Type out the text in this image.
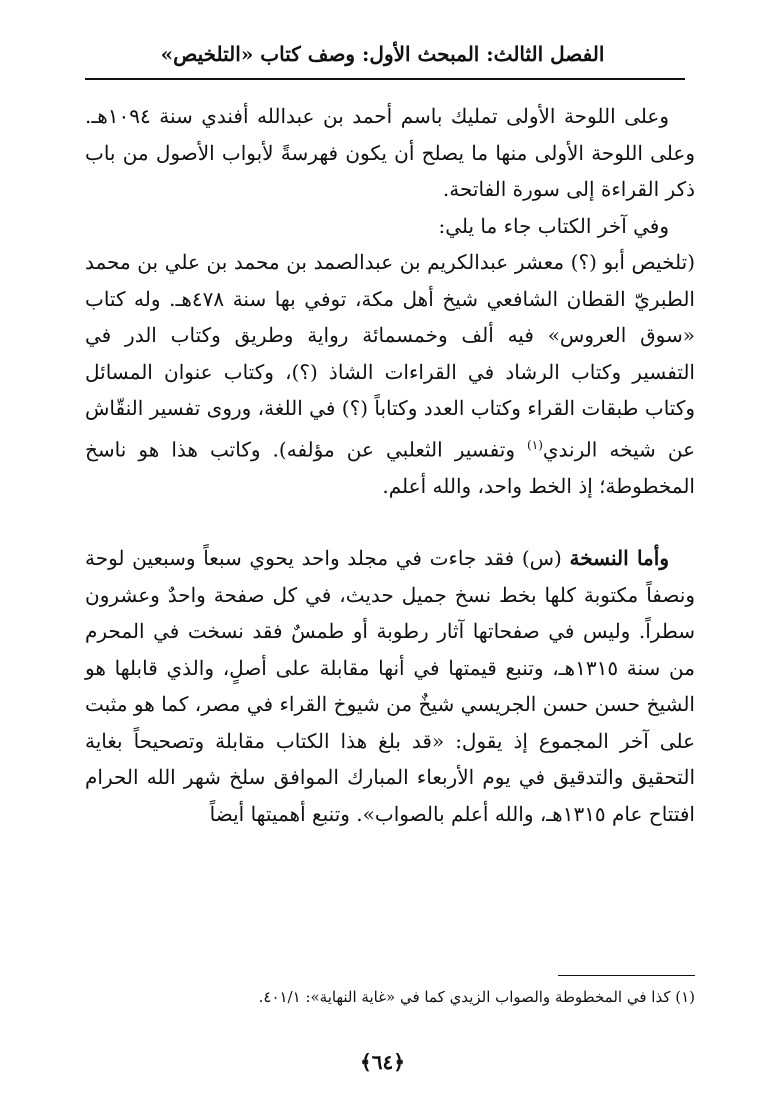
الفصل الثالث: المبحث الأول: وصف كتاب «التلخيص»

وعلى اللوحة الأولى تمليك باسم أحمد بن عبدالله أفندي سنة ١٠٩٤هـ. وعلى اللوحة الأولى منها ما يصلح أن يكون فهرسةً لأبواب الأصول من باب ذكر القراءة إلى سورة الفاتحة.

وفي آخر الكتاب جاء ما يلي:

(تلخيص أبو (؟) معشر عبدالكريم بن عبدالصمد بن محمد بن علي بن محمد الطبريّ القطان الشافعي شيخ أهل مكة، توفي بها سنة ٤٧٨هـ. وله كتاب «سوق العروس» فيه ألف وخمسمائة رواية وطريق وكتاب الدر في التفسير وكتاب الرشاد في القراءات الشاذ (؟)، وكتاب عنوان المسائل وكتاب طبقات القراء وكتاب العدد وكتاباً (؟) في اللغة، وروى تفسير النقّاش عن شيخه الرندي$^{(١)}$ وتفسير الثعلبي عن مؤلفه). وكاتب هذا هو ناسخ المخطوطة؛ إذ الخط واحد، والله أعلم.

وأما النسخة (س) فقد جاءت في مجلد واحد يحوي سبعاً وسبعين لوحة ونصفاً مكتوبة كلها بخط نسخ جميل حديث، في كل صفحة واحدٌ وعشرون سطراً. وليس في صفحاتها آثار رطوبة أو طمسٌ فقد نسخت في المحرم من سنة ١٣١٥هـ، وتنبع قيمتها في أنها مقابلة على أصلٍ، والذي قابلها هو الشيخ حسن حسن الجريسي شيخٌ من شيوخ القراء في مصر، كما هو مثبت على آخر المجموع إذ يقول: «قد بلغ هذا الكتاب مقابلة وتصحيحاً بغاية التحقيق والتدقيق في يوم الأربعاء المبارك الموافق سلخ شهر الله الحرام افتتاح عام ١٣١٥هـ، والله أعلم بالصواب». وتنبع أهميتها أيضاً

(١) كذا في المخطوطة والصواب الزيدي كما في «غاية النهاية»: ٤٠١/١.
﴿٦٤﴾
